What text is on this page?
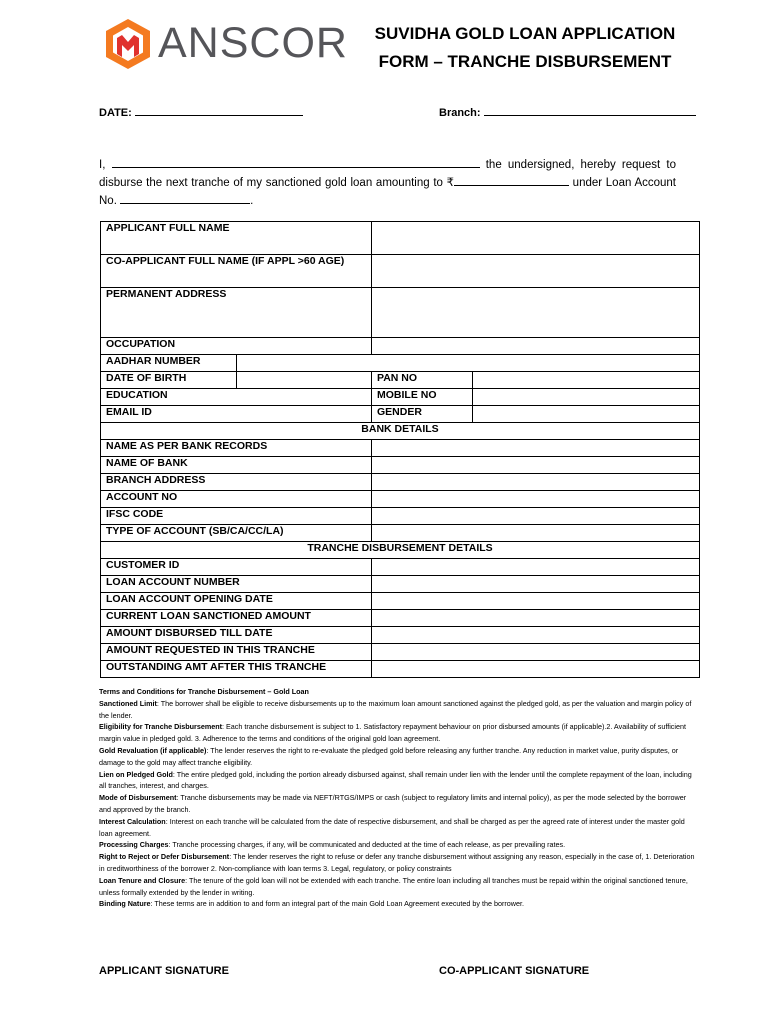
ANSCOR	SUVIDHA GOLD LOAN APPLICATION
FORM – TRANCHE DISBURSEMENT
DATE:	Branch:
I,	the undersigned, hereby request to disburse the next tranche of my sanctioned gold loan amounting to ₹	under Loan Account No.	.
APPLICANT FULL NAME			
CO-APPLICANT FULL NAME (IF APPL >60 AGE)			
PERMANENT ADDRESS			
OCCUPATION			
AADHAR NUMBER			

DATE OF BIRTH		PAN NO	

EDUCATION		MOBILE NO	

EMAIL ID		GENDER	
BANK DETAILS			
NAME AS PER BANK RECORDS			
NAME OF BANK			
BRANCH ADDRESS			
ACCOUNT NO			
IFSC CODE			
TYPE OF ACCOUNT (SB/CA/CC/LA)			
TRANCHE DISBURSEMENT DETAILS			
CUSTOMER ID			
LOAN ACCOUNT NUMBER			
LOAN ACCOUNT OPENING DATE			
CURRENT LOAN SANCTIONED AMOUNT			
AMOUNT DISBURSED TILL DATE			
AMOUNT REQUESTED IN THIS TRANCHE			
OUTSTANDING AMT AFTER THIS TRANCHE			
Terms and Conditions for Tranche Disbursement – Gold Loan
Sanctioned Limit: The borrower shall be eligible to receive disbursements up to the maximum loan amount sanctioned against the pledged gold, as per the valuation and margin policy of the lender.
Eligibility for Tranche Disbursement: Each tranche disbursement is subject to 1. Satisfactory repayment behaviour on prior disbursed amounts (if applicable).2. Availability of sufficient margin value in pledged gold. 3. Adherence to the terms and conditions of the original gold loan agreement.
Gold Revaluation (if applicable): The lender reserves the right to re-evaluate the pledged gold before releasing any further tranche. Any reduction in market value, purity disputes, or damage to the gold may affect tranche eligibility.
Lien on Pledged Gold: The entire pledged gold, including the portion already disbursed against, shall remain under lien with the lender until the complete repayment of the loan, including all tranches, interest, and charges.
Mode of Disbursement: Tranche disbursements may be made via NEFT/RTGS/IMPS or cash (subject to regulatory limits and internal policy), as per the mode selected by the borrower and approved by the branch.
Interest Calculation: Interest on each tranche will be calculated from the date of respective disbursement, and shall be charged as per the agreed rate of interest under the master gold loan agreement.
Processing Charges: Tranche processing charges, if any, will be communicated and deducted at the time of each release, as per prevailing rates.
Right to Reject or Defer Disbursement: The lender reserves the right to refuse or defer any tranche disbursement without assigning any reason, especially in the case of, 1. Deterioration in creditworthiness of the borrower 2. Non-compliance with loan terms 3. Legal, regulatory, or policy constraints
Loan Tenure and Closure: The tenure of the gold loan will not be extended with each tranche. The entire loan including all tranches must be repaid within the original sanctioned tenure, unless formally extended by the lender in writing.
Binding Nature: These terms are in addition to and form an integral part of the main Gold Loan Agreement executed by the borrower.
APPLICANT SIGNATURE	CO-APPLICANT SIGNATURE
